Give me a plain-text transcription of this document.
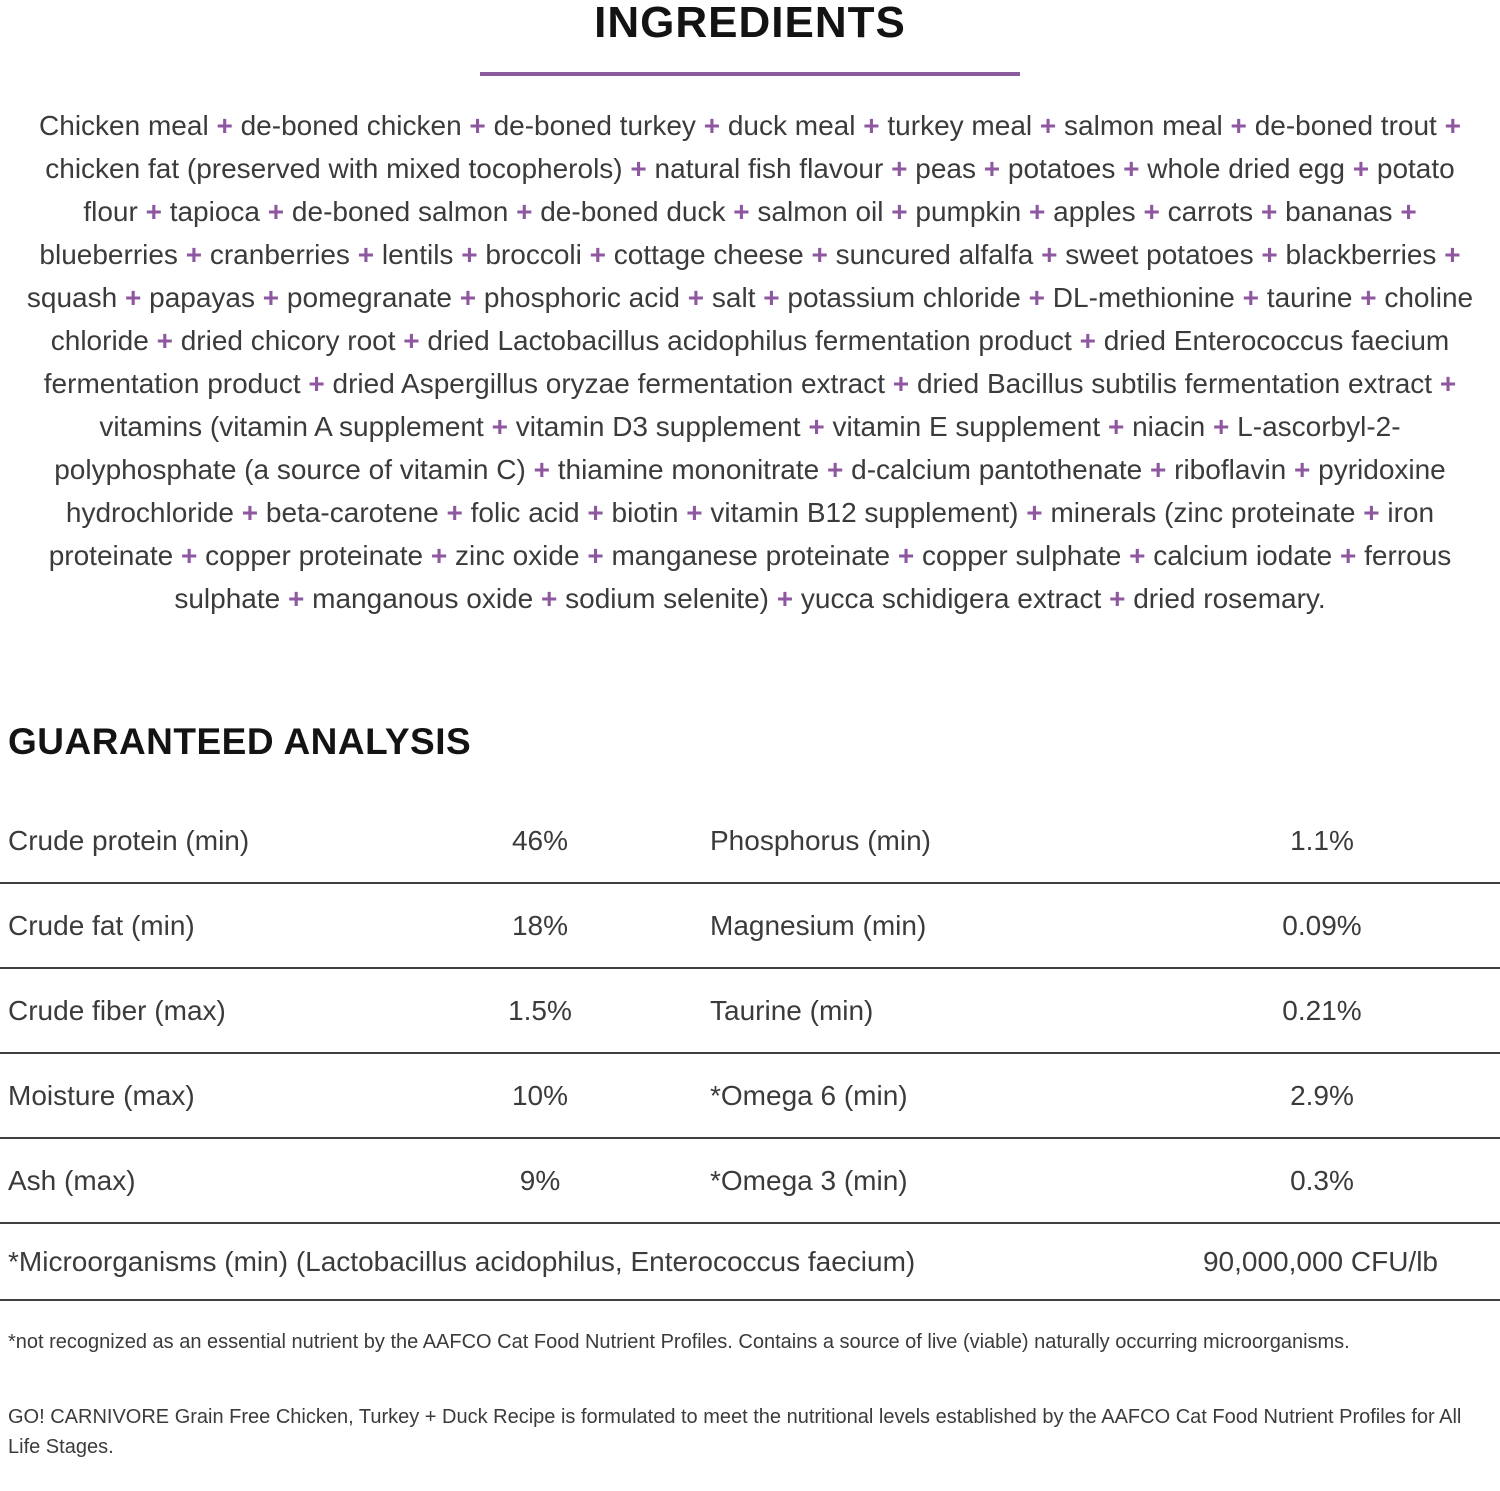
INGREDIENTS

Chicken meal + de-boned chicken + de-boned turkey + duck meal + turkey meal + salmon meal + de-boned trout + chicken fat (preserved with mixed tocopherols) + natural fish flavour + peas + potatoes + whole dried egg + potato flour + tapioca + de-boned salmon + de-boned duck + salmon oil + pumpkin + apples + carrots + bananas + blueberries + cranberries + lentils + broccoli + cottage cheese + suncured alfalfa + sweet potatoes + blackberries + squash + papayas + pomegranate + phosphoric acid + salt + potassium chloride + DL-methionine + taurine + choline chloride + dried chicory root + dried Lactobacillus acidophilus fermentation product + dried Enterococcus faecium fermentation product + dried Aspergillus oryzae fermentation extract + dried Bacillus subtilis fermentation extract + vitamins (vitamin A supplement + vitamin D3 supplement + vitamin E supplement + niacin + L-ascorbyl-2-polyphosphate (a source of vitamin C) + thiamine mononitrate + d-calcium pantothenate + riboflavin + pyridoxine hydrochloride + beta-carotene + folic acid + biotin + vitamin B12 supplement) + minerals (zinc proteinate + iron proteinate + copper proteinate + zinc oxide + manganese proteinate + copper sulphate + calcium iodate + ferrous sulphate + manganous oxide + sodium selenite) + yucca schidigera extract + dried rosemary.

GUARANTEED ANALYSIS
Crude protein (min)	46%	Phosphorus (min)	1.1%
Crude fat (min)	18%	Magnesium (min)	0.09%
Crude fiber (max)	1.5%	Taurine (min)	0.21%
Moisture (max)	10%	*Omega 6 (min)	2.9%
Ash (max)	9%	*Omega 3 (min)	0.3%
*Microorganisms (min) (Lactobacillus acidophilus, Enterococcus faecium)	90,000,000 CFU/lb

*not recognized as an essential nutrient by the AAFCO Cat Food Nutrient Profiles. Contains a source of live (viable) naturally occurring microorganisms.

GO! CARNIVORE Grain Free Chicken, Turkey + Duck Recipe is formulated to meet the nutritional levels established by the AAFCO Cat Food Nutrient Profiles for All Life Stages.
